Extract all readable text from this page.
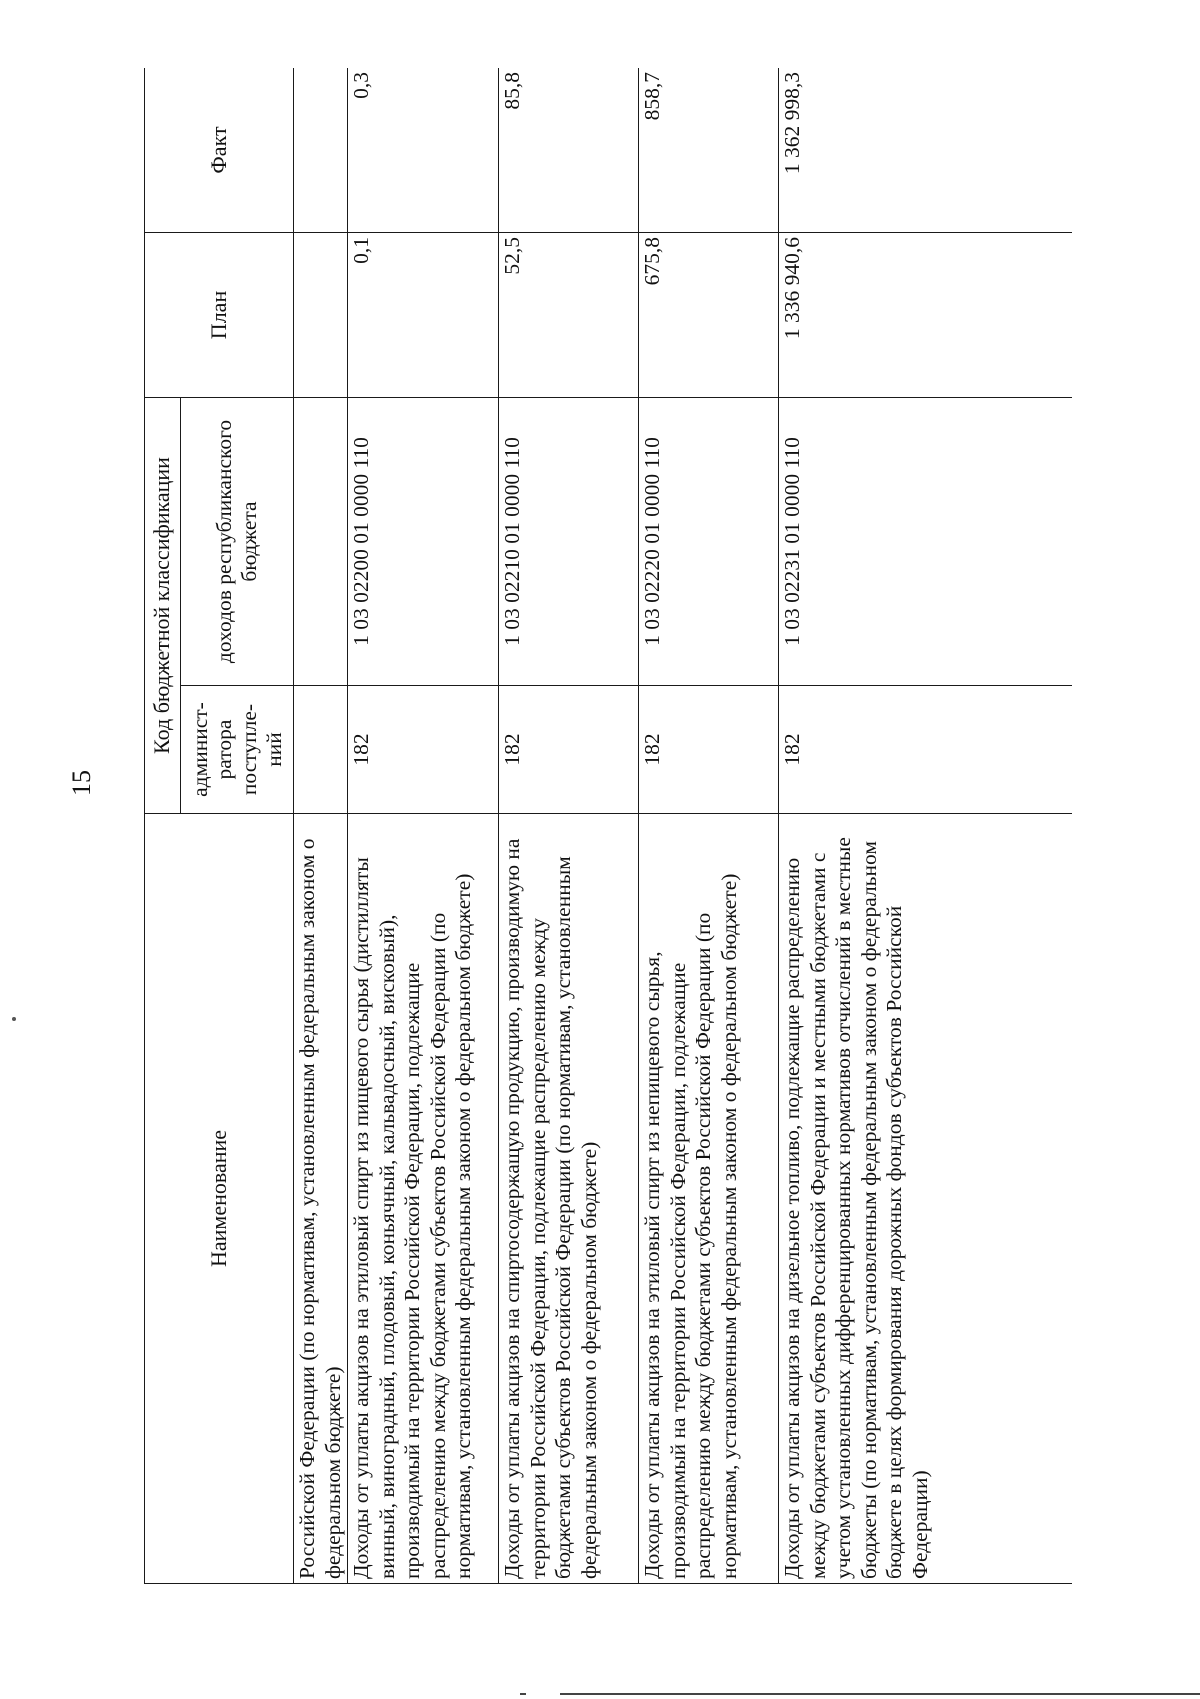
15
Наименование	Код бюджетной классификации		План	Факт
	админист-ратора поступле-ний	доходов республиканского бюджета		
Российской Федерации (по нормативам, установленным федеральным законом о федеральном бюджете)				
Доходы от уплаты акцизов на этиловый спирт из пищевого сырья (дистилляты винный, виноградный, плодовый, коньячный, кальвадосный, висковый), производимый на территории Российской Федерации, подлежащие распределению между бюджетами субъектов Российской Федерации (по нормативам, установленным федеральным законом о федеральном бюджете)	182	1 03 02200 01 0000 110	0,1	0,3
Доходы от уплаты акцизов на спиртосодержащую продукцию, производимую на территории Российской Федерации, подлежащие распределению между бюджетами субъектов Российской Федерации (по нормативам, установленным федеральным законом о федеральном бюджете)	182	1 03 02210 01 0000 110	52,5	85,8
Доходы от уплаты акцизов на этиловый спирт из непищевого сырья, производимый на территории Российской Федерации, подлежащие распределению между бюджетами субъектов Российской Федерации (по нормативам, установленным федеральным законом о федеральном бюджете)	182	1 03 02220 01 0000 110	675,8	858,7
Доходы от уплаты акцизов на дизельное топливо, подлежащие распределению между бюджетами субъектов Российской Федерации и местными бюджетами с учетом установленных дифференцированных нормативов отчислений в местные бюджеты (по нормативам, установленным федеральным законом о федеральном бюджете в целях формирования дорожных фондов субъектов Российской Федерации)	182	1 03 02231 01 0000 110	1 336 940,6	1 362 998,3
